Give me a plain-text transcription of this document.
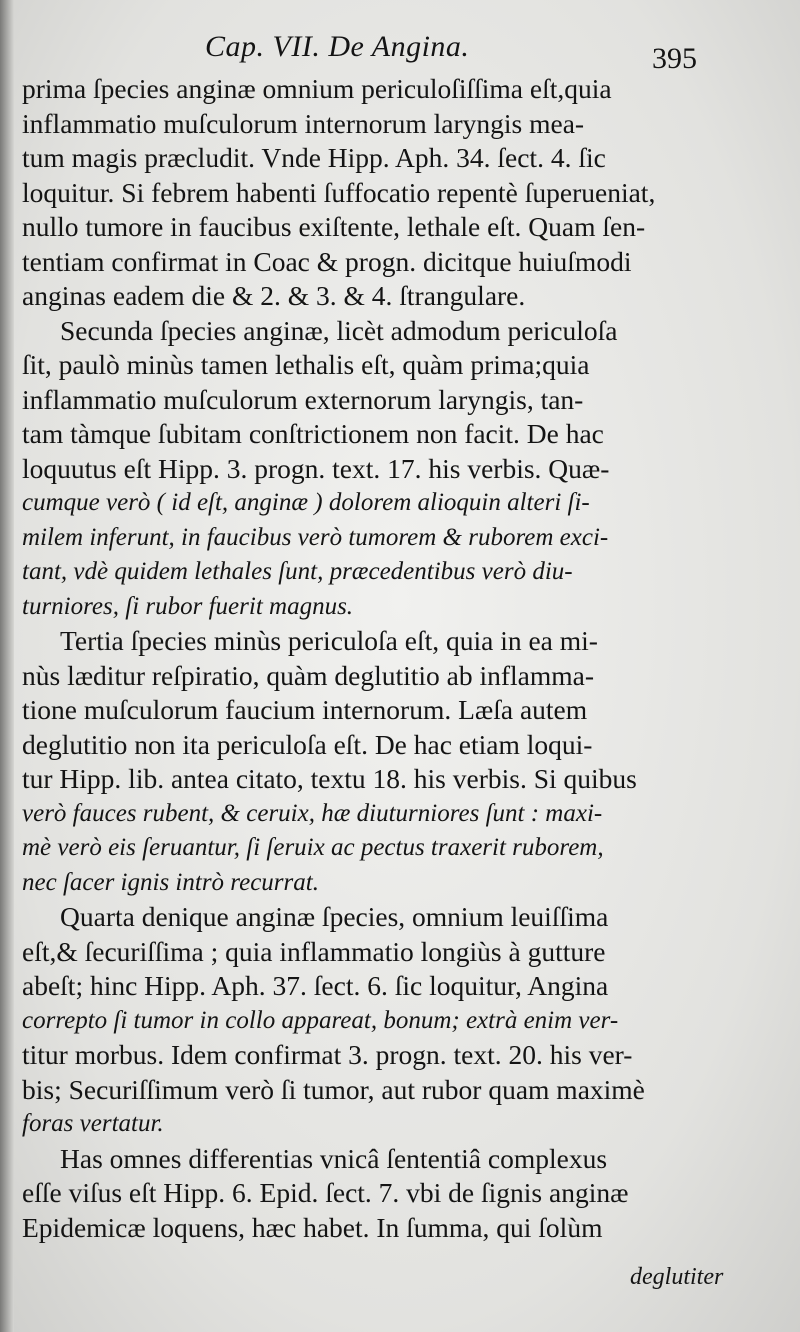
Cap. VII. De Angina.	395
prima ſpecies anginæ omnium periculoſiſſima eſt,quia
inflammatio muſculorum internorum laryngis mea-
tum magis præcludit. Vnde Hipp. Aph. 34. ſect. 4. ſic
loquitur. Si febrem habenti ſuffocatio repentè ſuperueniat,
nullo tumore in faucibus exiſtente, lethale eſt. Quam ſen-
tentiam confirmat in Coac & progn. dicitque huiuſmodi
anginas eadem die & 2. & 3. & 4. ſtrangulare.
Secunda ſpecies anginæ, licèt admodum periculoſa
ſit, paulò minùs tamen lethalis eſt, quàm prima;quia
inflammatio muſculorum externorum laryngis, tan-
tam tàmque ſubitam conſtrictionem non facit. De hac
loquutus eſt Hipp. 3. progn. text. 17. his verbis. Quæ-
cumque verò ( id eſt, anginæ ) dolorem alioquin alteri ſi-
milem inferunt, in faucibus verò tumorem & ruborem exci-
tant, vdè quidem lethales ſunt, præcedentibus verò diu-
turniores, ſi rubor fuerit magnus.
Tertia ſpecies minùs periculoſa eſt, quia in ea mi-
nùs læditur reſpiratio, quàm deglutitio ab inflamma-
tione muſculorum faucium internorum. Læſa autem
deglutitio non ita periculoſa eſt. De hac etiam loqui-
tur Hipp. lib. antea citato, textu 18. his verbis. Si quibus
verò fauces rubent, & ceruix, hæ diuturniores ſunt : maxi-
mè verò eis ſeruantur, ſi ſeruix ac pectus traxerit ruborem,
nec ſacer ignis intrò recurrat.
Quarta denique anginæ ſpecies, omnium leuiſſima
eſt,& ſecuriſſima ; quia inflammatio longiùs à gutture
abeſt; hinc Hipp. Aph. 37. ſect. 6. ſic loquitur, Angina
correpto ſi tumor in collo appareat, bonum; extrà enim ver-
titur morbus. Idem confirmat 3. progn. text. 20. his ver-
bis; Securiſſimum verò ſi tumor, aut rubor quam maximè
foras vertatur.
Has omnes differentias vnicâ ſententiâ complexus
eſſe viſus eſt Hipp. 6. Epid. ſect. 7. vbi de ſignis anginæ
Epidemicæ loquens, hæc habet. In ſumma, qui ſolùm
deglutiter
